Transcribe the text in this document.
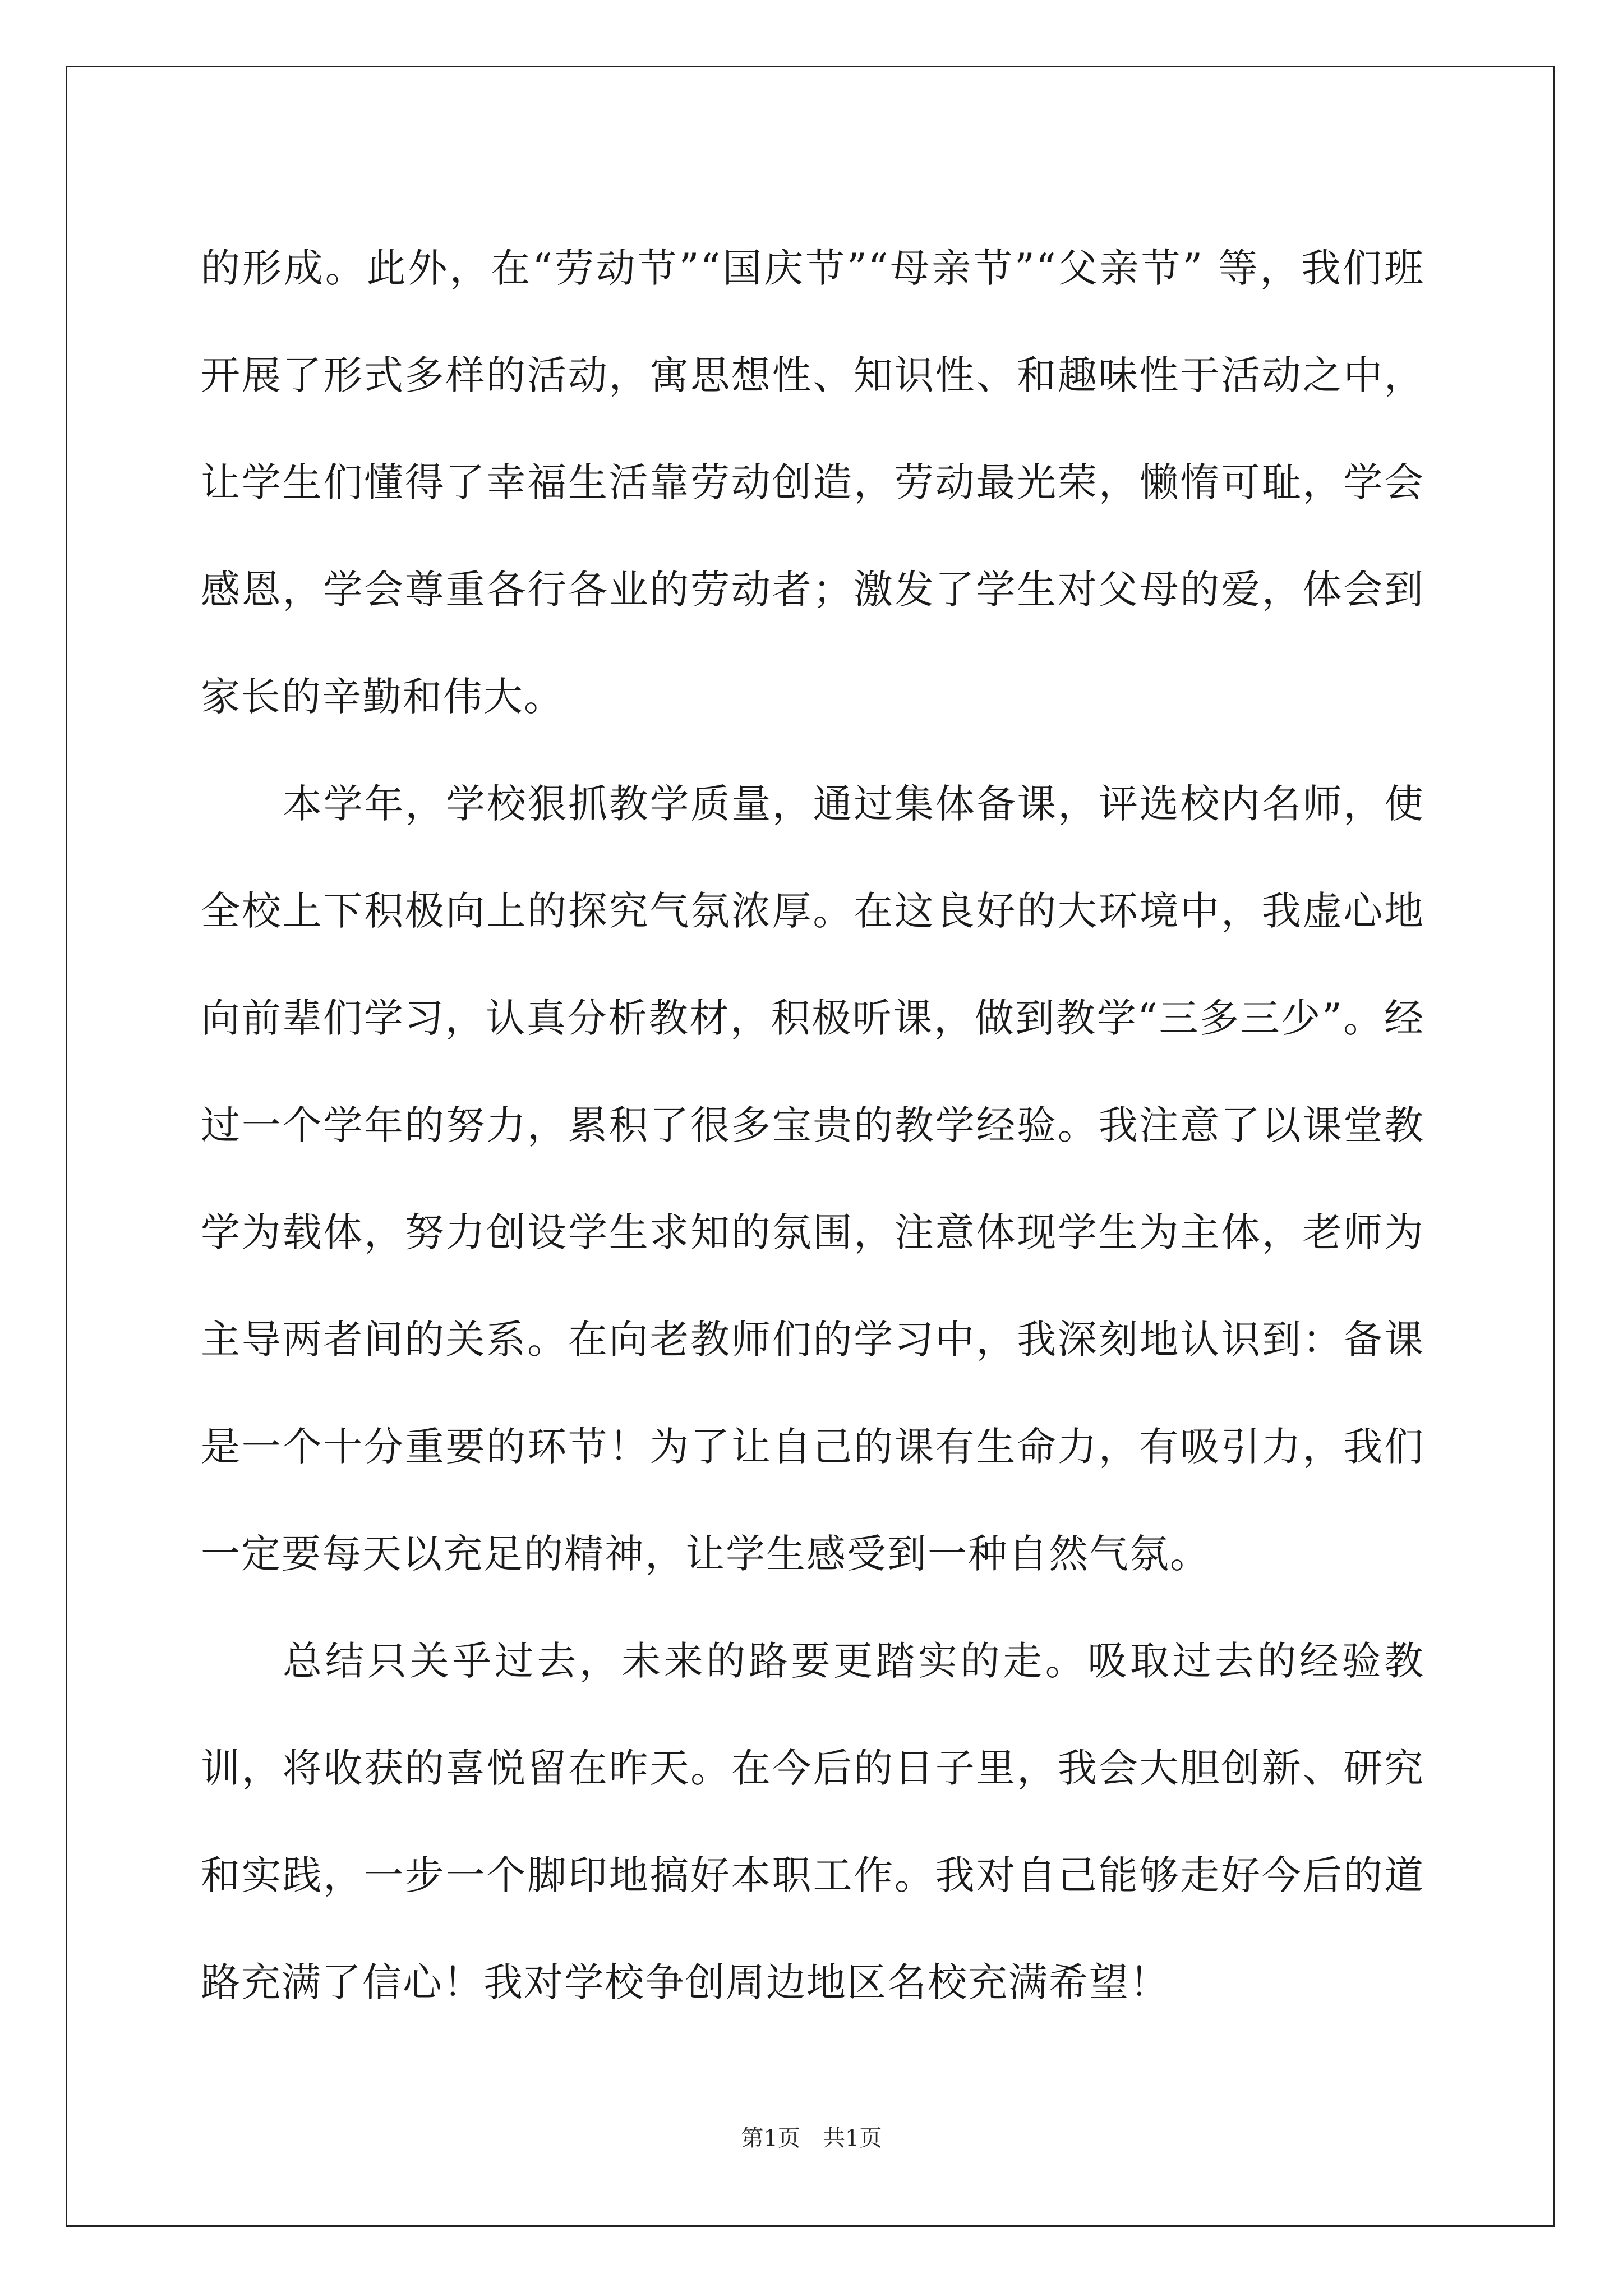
的形成。此外，在“劳动节”“国庆节”“母亲节”“父亲节” 等，我们班开展了形式多样的活动，寓思想性、知识性、和趣味性于活动之中，让学生们懂得了幸福生活靠劳动创造，劳动最光荣，懒惰可耻，学会感恩，学会尊重各行各业的劳动者；激发了学生对父母的爱，体会到家长的辛勤和伟大。

本学年，学校狠抓教学质量，通过集体备课，评选校内名师，使全校上下积极向上的探究气氛浓厚。在这良好的大环境中，我虚心地向前辈们学习，认真分析教材，积极听课，做到教学“三多三少”。经过一个学年的努力，累积了很多宝贵的教学经验。我注意了以课堂教学为载体，努力创设学生求知的氛围，注意体现学生为主体，老师为主导两者间的关系。在向老教师们的学习中，我深刻地认识到：备课是一个十分重要的环节！为了让自己的课有生命力，有吸引力，我们一定要每天以充足的精神，让学生感受到一种自然气氛。

总结只关乎过去，未来的路要更踏实的走。吸取过去的经验教训，将收获的喜悦留在昨天。在今后的日子里，我会大胆创新、研究和实践，一步一个脚印地搞好本职工作。我对自己能够走好今后的道路充满了信心！我对学校争创周边地区名校充满希望！

第1页　共1页
